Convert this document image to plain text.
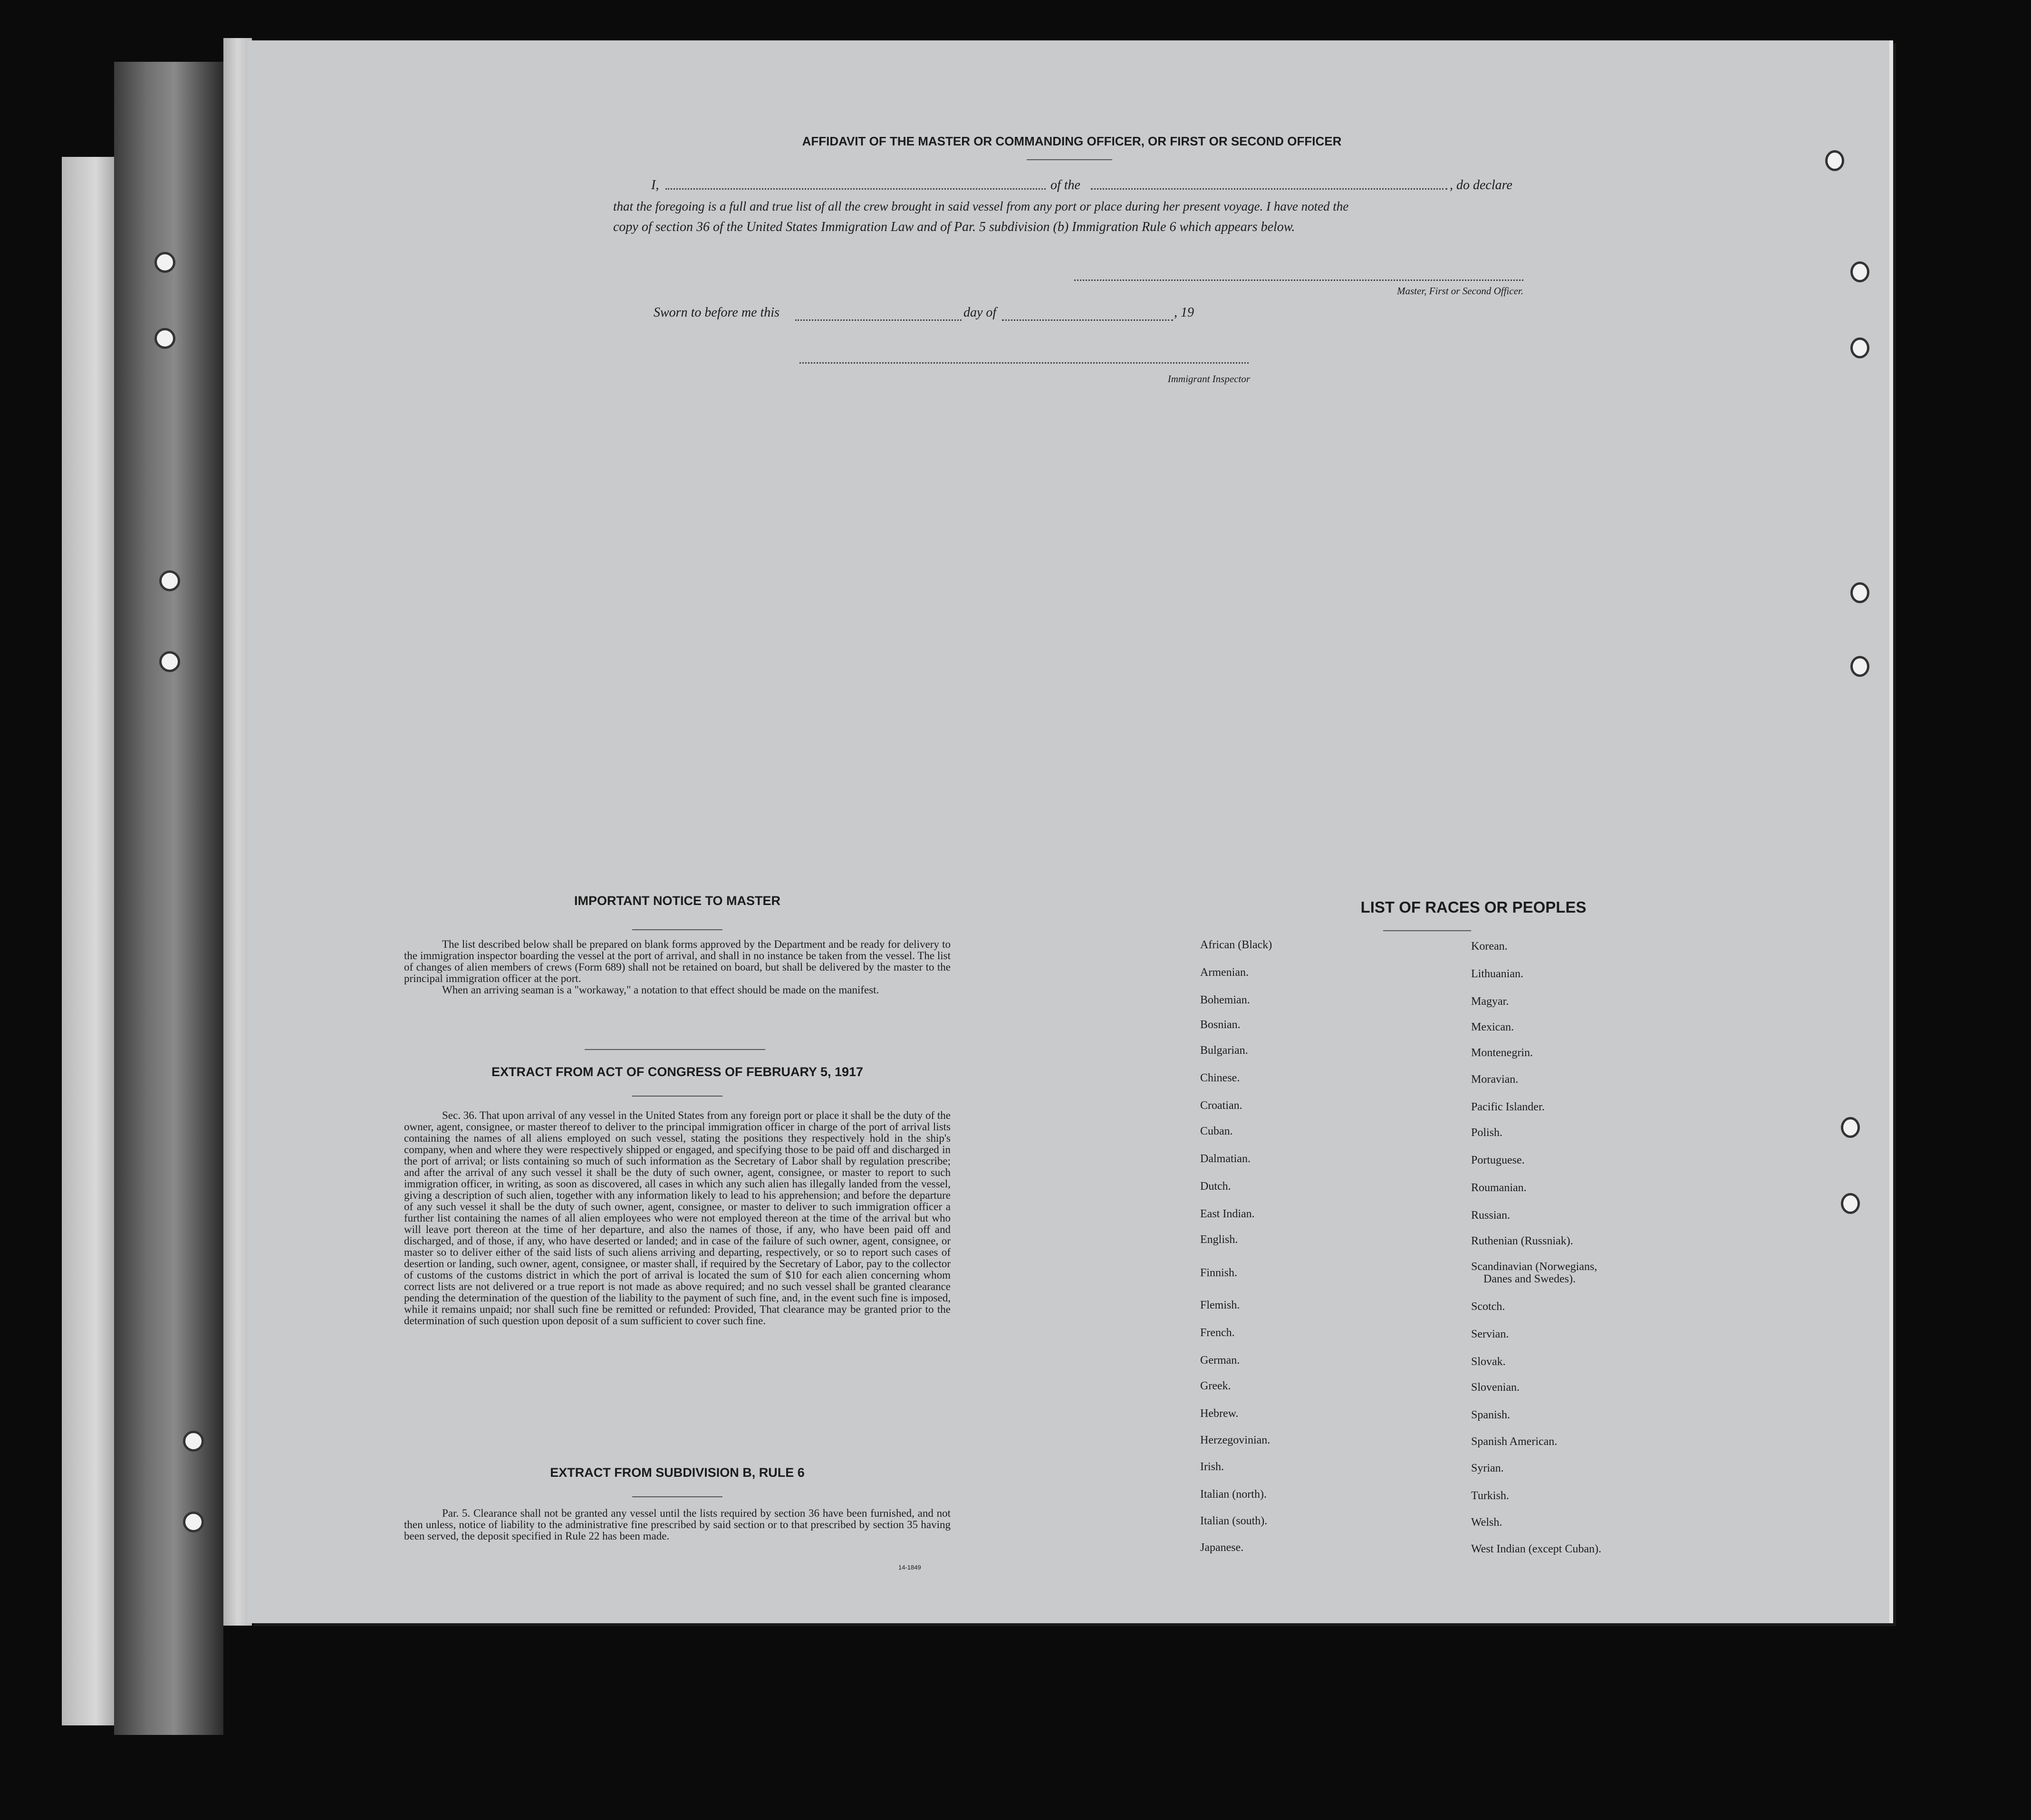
AFFIDAVIT OF THE MASTER OR COMMANDING OFFICER, OR FIRST OR SECOND OFFICER
I,	of the	, do declare
that the foregoing is a full and true list of all the crew brought in said vessel from any port or place during her present voyage. I have noted the
copy of section 36 of the United States Immigration Law and of Par. 5 subdivision (b) Immigration Rule 6 which appears below.
Master, First or Second Officer.
Sworn to before me this	day of	, 19
Immigrant Inspector
IMPORTANT NOTICE TO MASTER
The list described below shall be prepared on blank forms approved by the Department and be ready for delivery to the immigration inspector boarding the vessel at the port of arrival, and shall in no instance be taken from the vessel. The list of changes of alien members of crews (Form 689) shall not be retained on board, but shall be delivered by the master to the principal immigration officer at the port.
When an arriving seaman is a "workaway," a notation to that effect should be made on the manifest.
EXTRACT FROM ACT OF CONGRESS OF FEBRUARY 5, 1917
Sec. 36. That upon arrival of any vessel in the United States from any foreign port or place it shall be the duty of the owner, agent, consignee, or master thereof to deliver to the principal immigration officer in charge of the port of arrival lists containing the names of all aliens employed on such vessel, stating the positions they respectively hold in the ship's company, when and where they were respectively shipped or engaged, and specifying those to be paid off and discharged in the port of arrival; or lists containing so much of such information as the Secretary of Labor shall by regulation prescribe; and after the arrival of any such vessel it shall be the duty of such owner, agent, consignee, or master to report to such immigration officer, in writing, as soon as discovered, all cases in which any such alien has illegally landed from the vessel, giving a description of such alien, together with any information likely to lead to his apprehension; and before the departure of any such vessel it shall be the duty of such owner, agent, consignee, or master to deliver to such immigration officer a further list containing the names of all alien employees who were not employed thereon at the time of the arrival but who will leave port thereon at the time of her departure, and also the names of those, if any, who have been paid off and discharged, and of those, if any, who have deserted or landed; and in case of the failure of such owner, agent, consignee, or master so to deliver either of the said lists of such aliens arriving and departing, respectively, or so to report such cases of desertion or landing, such owner, agent, consignee, or master shall, if required by the Secretary of Labor, pay to the collector of customs of the customs district in which the port of arrival is located the sum of $10 for each alien concerning whom correct lists are not delivered or a true report is not made as above required; and no such vessel shall be granted clearance pending the determination of the question of the liability to the payment of such fine, and, in the event such fine is imposed, while it remains unpaid; nor shall such fine be remitted or refunded: Provided, That clearance may be granted prior to the determination of such question upon deposit of a sum sufficient to cover such fine.
EXTRACT FROM SUBDIVISION B, RULE 6
Par. 5. Clearance shall not be granted any vessel until the lists required by section 36 have been furnished, and not then unless, notice of liability to the administrative fine prescribed by said section or to that prescribed by section 35 having been served, the deposit specified in Rule 22 has been made.
14-1849
LIST OF RACES OR PEOPLES
African (Black)
Armenian.
Bohemian.
Bosnian.
Bulgarian.
Chinese.
Croatian.
Cuban.
Dalmatian.
Dutch.
East Indian.
English.
Finnish.
Flemish.
French.
German.
Greek.
Hebrew.
Herzegovinian.
Irish.
Italian (north).
Italian (south).
Japanese.
Korean.
Lithuanian.
Magyar.
Mexican.
Montenegrin.
Moravian.
Pacific Islander.
Polish.
Portuguese.
Roumanian.
Russian.
Ruthenian (Russniak).
Scandinavian (Norwegians,
Danes and Swedes).
Scotch.
Servian.
Slovak.
Slovenian.
Spanish.
Spanish American.
Syrian.
Turkish.
Welsh.
West Indian (except Cuban).
